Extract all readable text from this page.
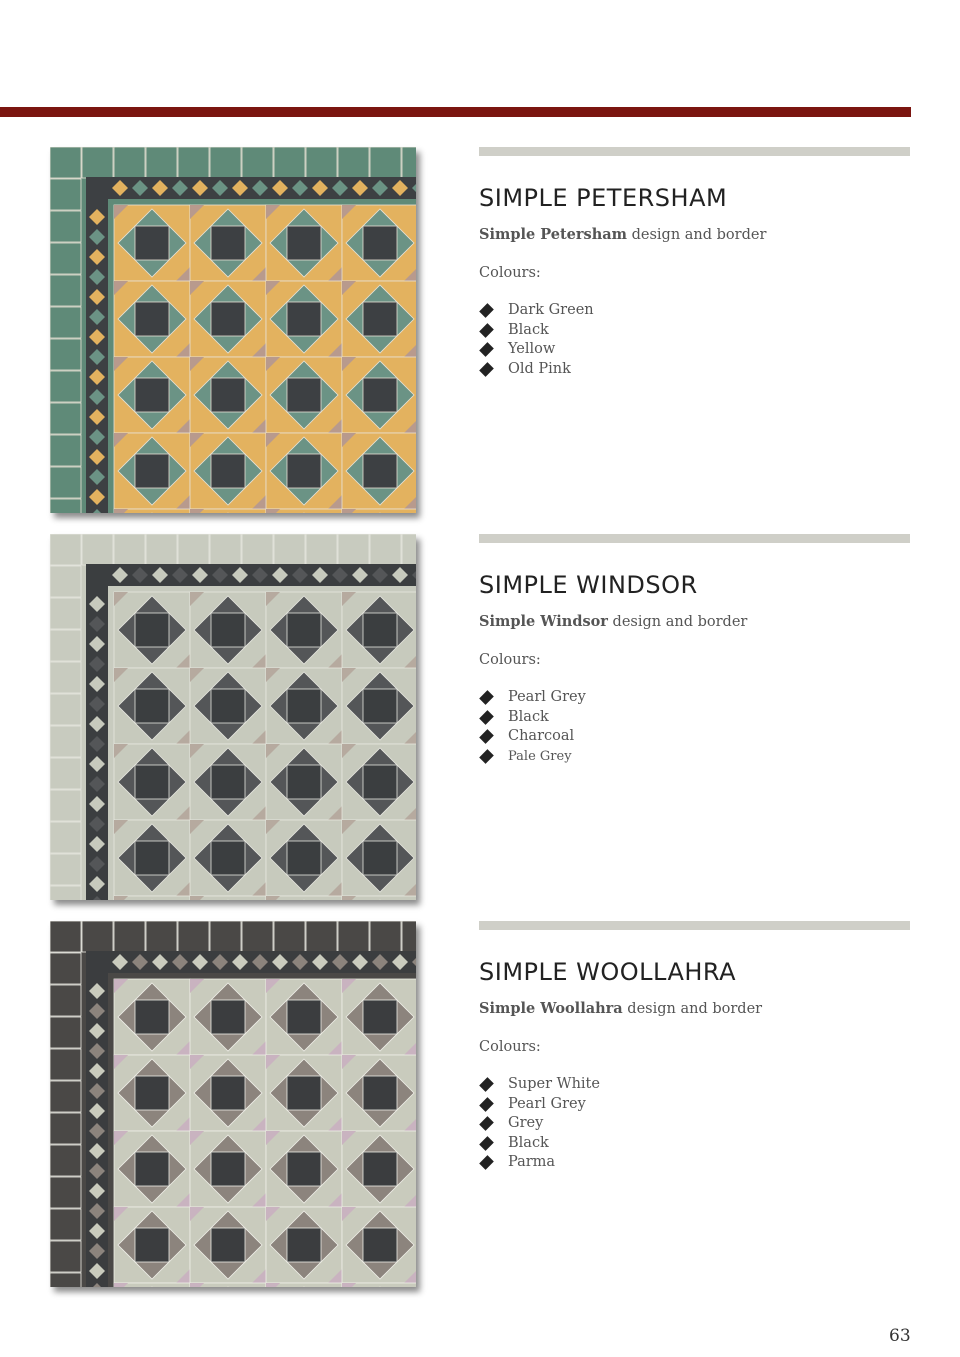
SIMPLE PETERSHAM
Simple Petersham design and border
Colours:
Dark Green
Black
Yellow
Old Pink
SIMPLE WINDSOR
Simple Windsor design and border
Colours:
Pearl Grey
Black
Charcoal
Pale Grey
SIMPLE WOOLLAHRA
Simple Woollahra design and border
Colours:
Super White
Pearl Grey
Grey
Black
Parma
63
